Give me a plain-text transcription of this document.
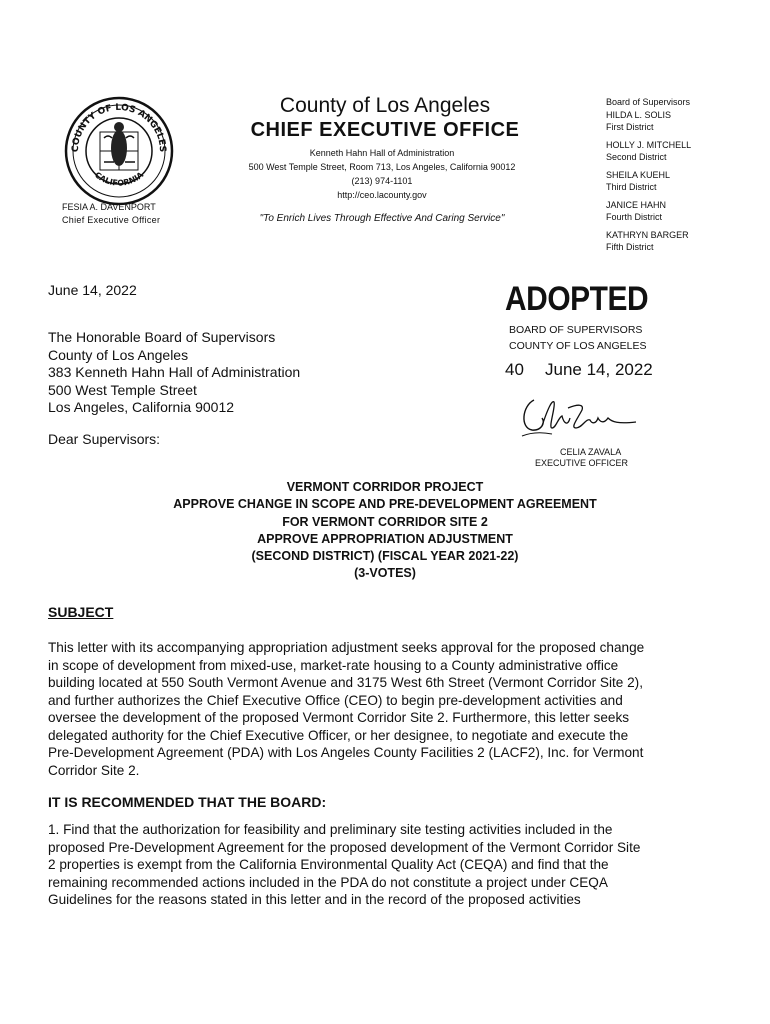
COUNTY OF LOS ANGELES
CALIFORNIA
FESIA A. DAVENPORT
Chief Executive Officer
County of Los Angeles
CHIEF EXECUTIVE OFFICE
Kenneth Hahn Hall of Administration
500 West Temple Street, Room 713, Los Angeles, California 90012
(213) 974-1101
http://ceo.lacounty.gov
"To Enrich Lives Through Effective And Caring Service"
Board of Supervisors
HILDA L. SOLIS
First District
HOLLY J. MITCHELL
Second District
SHEILA KUEHL
Third District
JANICE HAHN
Fourth District
KATHRYN BARGER
Fifth District
June 14, 2022
The Honorable Board of Supervisors
County of Los Angeles
383 Kenneth Hahn Hall of Administration
500 West Temple Street
Los Angeles, California 90012
Dear Supervisors:
ADOPTED
BOARD OF SUPERVISORS
COUNTY OF LOS ANGELES
40 June 14, 2022
CELIA ZAVALA
EXECUTIVE OFFICER
VERMONT CORRIDOR PROJECT
APPROVE CHANGE IN SCOPE AND PRE-DEVELOPMENT AGREEMENT
FOR VERMONT CORRIDOR SITE 2
APPROVE APPROPRIATION ADJUSTMENT
(SECOND DISTRICT) (FISCAL YEAR 2021-22)
(3-VOTES)
SUBJECT

This letter with its accompanying appropriation adjustment seeks approval for the proposed change

in scope of development from mixed-use, market-rate housing to a County administrative office

building located at 550 South Vermont Avenue and 3175 West 6th Street (Vermont Corridor Site 2),

and further authorizes the Chief Executive Office (CEO) to begin pre-development activities and

oversee the development of the proposed Vermont Corridor Site 2. Furthermore, this letter seeks

delegated authority for the Chief Executive Officer, or her designee, to negotiate and execute the

Pre-Development Agreement (PDA) with Los Angeles County Facilities 2 (LACF2), Inc. for Vermont

Corridor Site 2.

IT IS RECOMMENDED THAT THE BOARD:

1. Find that the authorization for feasibility and preliminary site testing activities included in the

proposed Pre-Development Agreement for the proposed development of the Vermont Corridor Site

2 properties is exempt from the California Environmental Quality Act (CEQA) and find that the

remaining recommended actions included in the PDA do not constitute a project under CEQA

Guidelines for the reasons stated in this letter and in the record of the proposed activities
